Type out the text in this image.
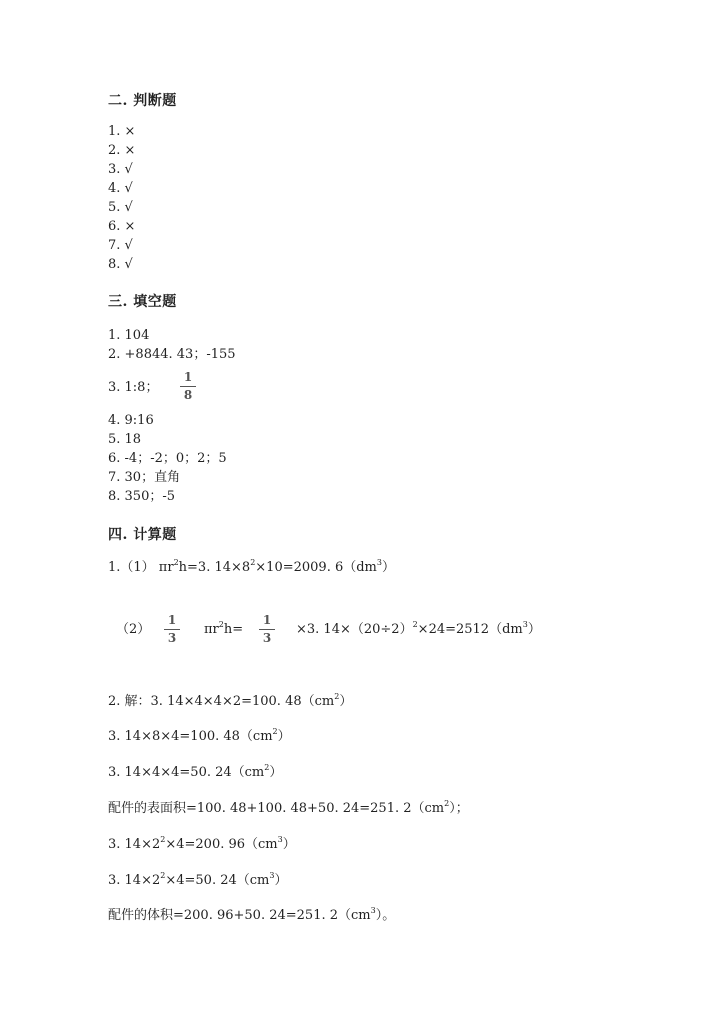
二. 判断题
1. ×
2. ×
3. √
4. √
5. √
6. ×
7. √
8. √
三. 填空题
1. 104
2. +8844. 43；-155
3. 1:8；
1
8
4. 9:16
5. 18
6. -4；-2；0；2；5
7. 30；直角
8. 350；-5
四. 计算题
1.（1） $\pi r^2h=3$. $14\times 8^2\times 10=2009$. $6(dm^3)$
（2）
1
3
$\pi r^2h=$
1
3
×3. $14\times(20\div 2)^2\times 24=2512(dm^3)$
2. 解：3. 14×4×4×2=100. $48(cm^2)$
3. 14×8×4=100. $48(cm^2)$
3. 14×4×4=50. $24(cm^2)$
配件的表面积=100. 48+100. 48+50. 24=251. $2(cm^2)$；
3. $14\times 2^2\times 4=200$. $96(cm^3)$
3. $14\times 2^2\times 4=50$. $24(cm^3)$
配件的体积=200. 96+50. 24=251. $2(cm^3)$。
